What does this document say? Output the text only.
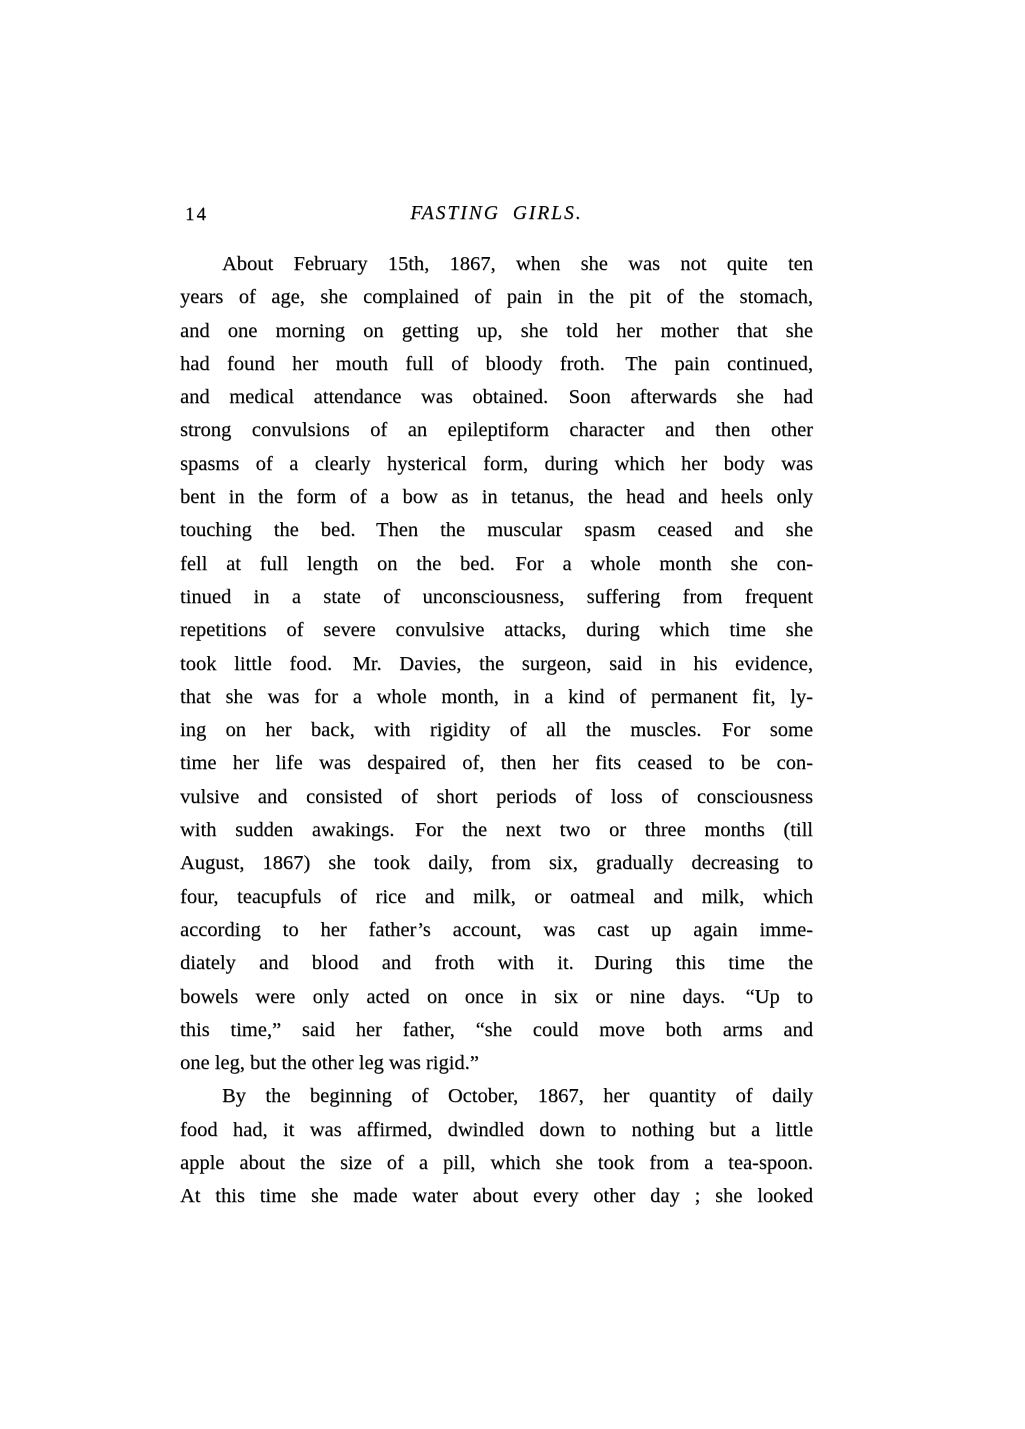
14	FASTING GIRLS.
About February 15th, 1867, when she was not quite ten
years of age, she complained of pain in the pit of the stomach,
and one morning on getting up, she told her mother that she
had found her mouth full of bloody froth. The pain continued,
and medical attendance was obtained. Soon afterwards she had
strong convulsions of an epileptiform character and then other
spasms of a clearly hysterical form, during which her body was
bent in the form of a bow as in tetanus, the head and heels only
touching the bed. Then the muscular spasm ceased and she
fell at full length on the bed. For a whole month she con-
tinued in a state of unconsciousness, suffering from frequent
repetitions of severe convulsive attacks, during which time she
took little food. Mr. Davies, the surgeon, said in his evidence,
that she was for a whole month, in a kind of permanent fit, ly-
ing on her back, with rigidity of all the muscles. For some
time her life was despaired of, then her fits ceased to be con-
vulsive and consisted of short periods of loss of consciousness
with sudden awakings. For the next two or three months (till
August, 1867) she took daily, from six, gradually decreasing to
four, teacupfuls of rice and milk, or oatmeal and milk, which
according to her father’s account, was cast up again imme-
diately and blood and froth with it. During this time the
bowels were only acted on once in six or nine days. “Up to
this time,” said her father, “she could move both arms and
one leg, but the other leg was rigid.”
By the beginning of October, 1867, her quantity of daily
food had, it was affirmed, dwindled down to nothing but a little
apple about the size of a pill, which she took from a tea-spoon.
At this time she made water about every other day ; she looked
